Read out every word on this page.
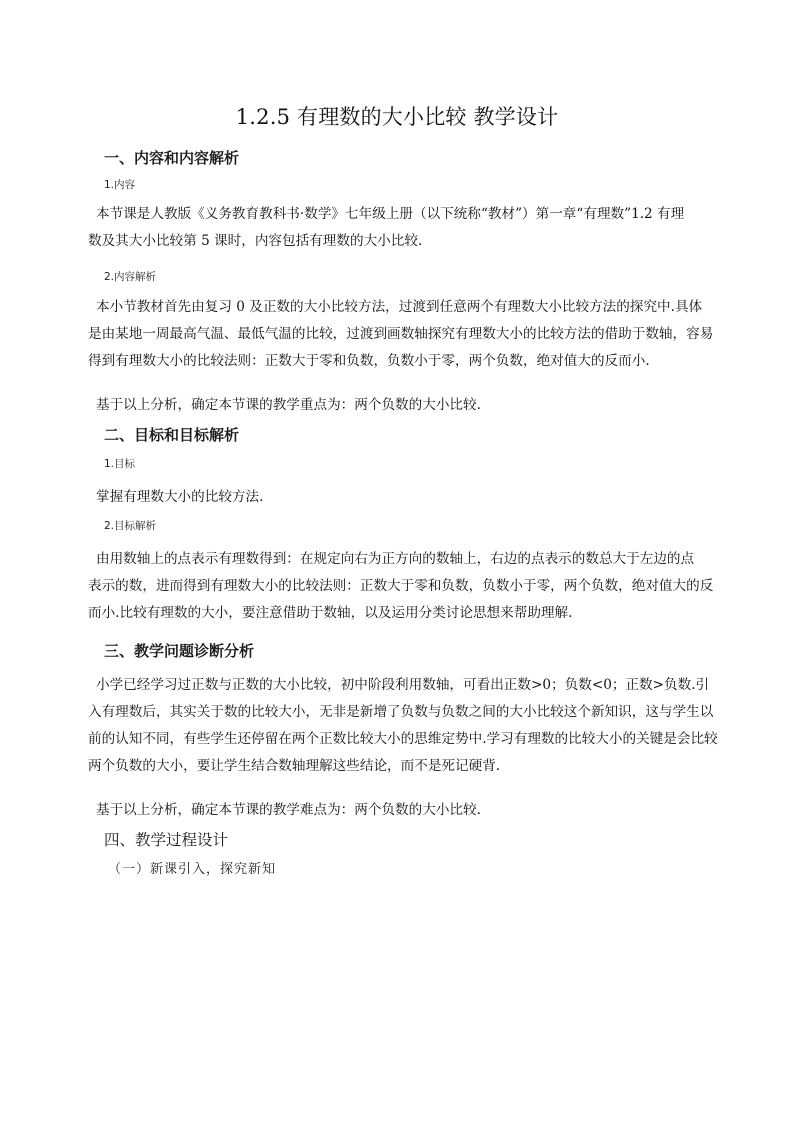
1.2.5 有理数的大小比较 教学设计
一、内容和内容解析
1.内容
本节课是人教版《义务教育教科书·数学》七年级上册（以下统称“教材”）第一章“有理数”1.2 有理
数及其大小比较第 5 课时，内容包括有理数的大小比较.
2.内容解析
本小节教材首先由复习 0 及正数的大小比较方法，过渡到任意两个有理数大小比较方法的探究中.具体
是由某地一周最高气温、最低气温的比较，过渡到画数轴探究有理数大小的比较方法的借助于数轴，容易
得到有理数大小的比较法则：正数大于零和负数，负数小于零，两个负数，绝对值大的反而小.
基于以上分析，确定本节课的教学重点为：两个负数的大小比较.
二、目标和目标解析
1.目标
掌握有理数大小的比较方法.
2.目标解析
由用数轴上的点表示有理数得到：在规定向右为正方向的数轴上，右边的点表示的数总大于左边的点
表示的数，进而得到有理数大小的比较法则：正数大于零和负数，负数小于零，两个负数，绝对值大的反
而小.比较有理数的大小，要注意借助于数轴，以及运用分类讨论思想来帮助理解.
三、教学问题诊断分析
小学已经学习过正数与正数的大小比较，初中阶段利用数轴，可看出正数>0；负数<0；正数>负数.引
入有理数后，其实关于数的比较大小，无非是新增了负数与负数之间的大小比较这个新知识，这与学生以
前的认知不同，有些学生还停留在两个正数比较大小的思维定势中.学习有理数的比较大小的关键是会比较
两个负数的大小，要让学生结合数轴理解这些结论，而不是死记硬背.
基于以上分析，确定本节课的教学难点为：两个负数的大小比较.
四、教学过程设计
（一）新课引入，探究新知
